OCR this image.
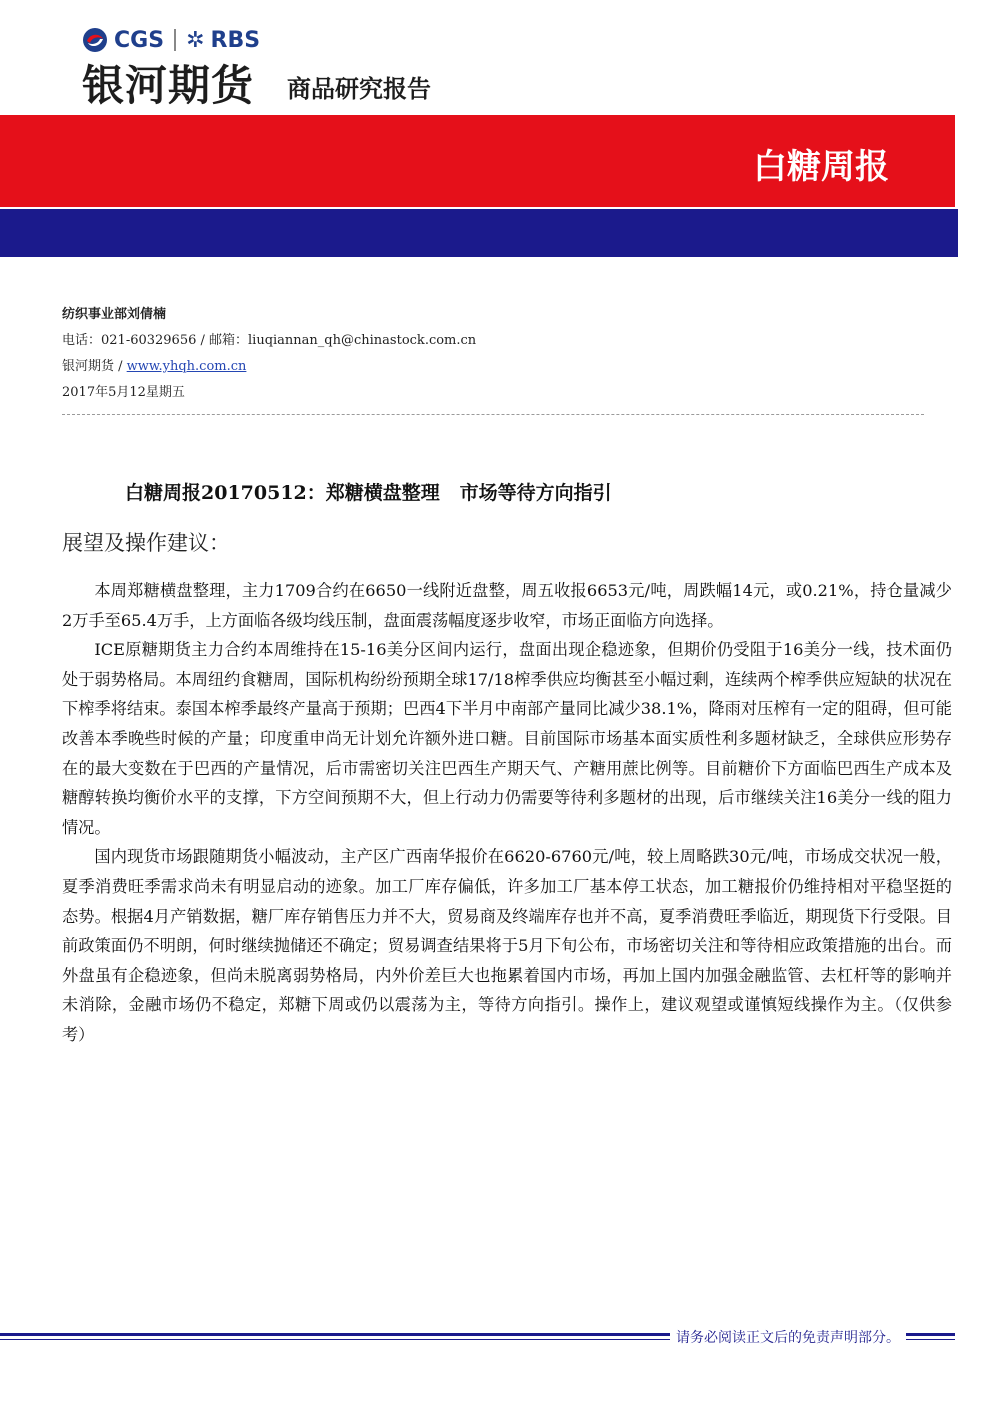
CGS ✲ RBS
银河期货 商品研究报告
白糖周报
纺织事业部刘倩楠
电话：021-60329656 / 邮箱：liuqiannan_qh@chinastock.com.cn
银河期货 / www.yhqh.com.cn
2017年5月12星期五
白糖周报20170512：郑糖横盘整理   市场等待方向指引
展望及操作建议：

本周郑糖横盘整理，主力1709合约在6650一线附近盘整，周五收报6653元/吨，周跌幅14元，或0.21%，持仓量减少2万手至65.4万手，上方面临各级均线压制，盘面震荡幅度逐步收窄，市场正面临方向选择。

ICE原糖期货主力合约本周维持在15-16美分区间内运行，盘面出现企稳迹象，但期价仍受阻于16美分一线，技术面仍处于弱势格局。本周纽约食糖周，国际机构纷纷预期全球17/18榨季供应均衡甚至小幅过剩，连续两个榨季供应短缺的状况在下榨季将结束。泰国本榨季最终产量高于预期；巴西4下半月中南部产量同比减少38.1%，降雨对压榨有一定的阻碍，但可能改善本季晚些时候的产量；印度重申尚无计划允许额外进口糖。目前国际市场基本面实质性利多题材缺乏，全球供应形势存在的最大变数在于巴西的产量情况，后市需密切关注巴西生产期天气、产糖用蔗比例等。目前糖价下方面临巴西生产成本及糖醇转换均衡价水平的支撑，下方空间预期不大，但上行动力仍需要等待利多题材的出现，后市继续关注16美分一线的阻力情况。

国内现货市场跟随期货小幅波动，主产区广西南华报价在6620-6760元/吨，较上周略跌30元/吨，市场成交状况一般，夏季消费旺季需求尚未有明显启动的迹象。加工厂库存偏低，许多加工厂基本停工状态，加工糖报价仍维持相对平稳坚挺的态势。根据4月产销数据，糖厂库存销售压力并不大，贸易商及终端库存也并不高，夏季消费旺季临近，期现货下行受限。目前政策面仍不明朗，何时继续抛储还不确定；贸易调查结果将于5月下旬公布，市场密切关注和等待相应政策措施的出台。而外盘虽有企稳迹象，但尚未脱离弱势格局，内外价差巨大也拖累着国内市场，再加上国内加强金融监管、去杠杆等的影响并未消除，金融市场仍不稳定，郑糖下周或仍以震荡为主，等待方向指引。操作上，建议观望或谨慎短线操作为主。（仅供参考）

请务必阅读正文后的免责声明部分。
